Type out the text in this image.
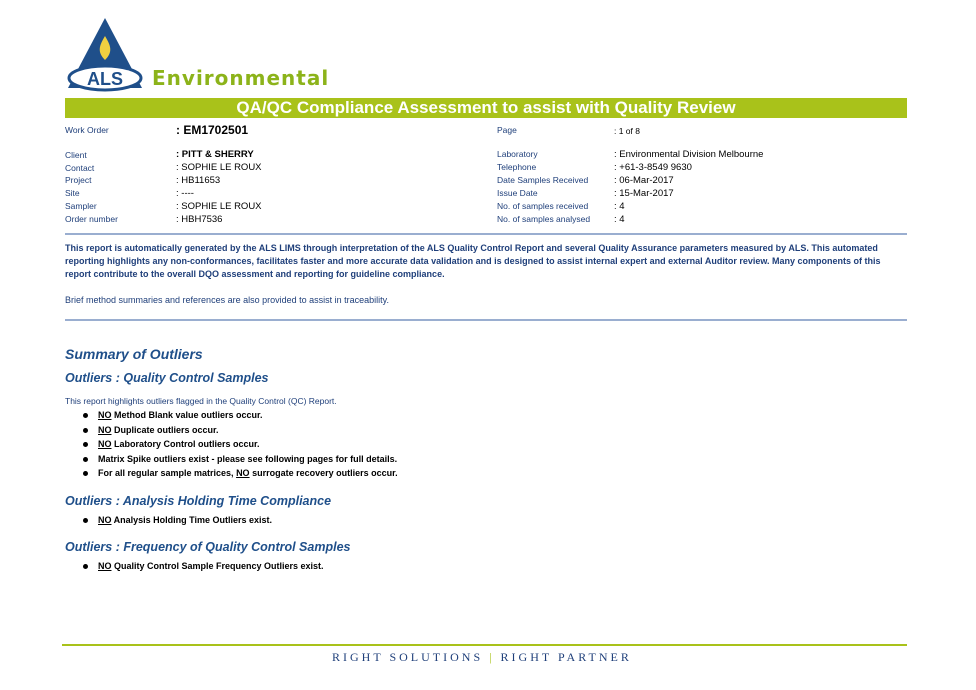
ALS Environmental
QA/QC Compliance Assessment to assist with Quality Review
Work Order	: EM1702501
Client	: PITT & SHERRY
Contact	: SOPHIE LE ROUX
Project	: HB11653
Site	: ----
Sampler	: SOPHIE LE ROUX
Order number	: HBH7536
Page	: 1 of 8
Laboratory	: Environmental Division Melbourne
Telephone	: +61-3-8549 9630
Date Samples Received	: 06-Mar-2017
Issue Date	: 15-Mar-2017
No. of samples received	: 4
No. of samples analysed	: 4
This report is automatically generated by the ALS LIMS through interpretation of the ALS Quality Control Report and several Quality Assurance parameters measured by ALS. This automated reporting highlights any non-conformances, facilitates faster and more accurate data validation and is designed to assist internal expert and external Auditor review. Many components of this report contribute to the overall DQO assessment and reporting for guideline compliance.
Brief method summaries and references are also provided to assist in traceability.
Summary of Outliers
Outliers : Quality Control Samples
This report highlights outliers flagged in the Quality Control (QC) Report.
NO Method Blank value outliers occur.
NO Duplicate outliers occur.
NO Laboratory Control outliers occur.
Matrix Spike outliers exist - please see following pages for full details.
For all regular sample matrices, NO surrogate recovery outliers occur.
Outliers : Analysis Holding Time Compliance
NO Analysis Holding Time Outliers exist.
Outliers : Frequency of Quality Control Samples
NO Quality Control Sample Frequency Outliers exist.
RIGHT SOLUTIONS | RIGHT PARTNER
